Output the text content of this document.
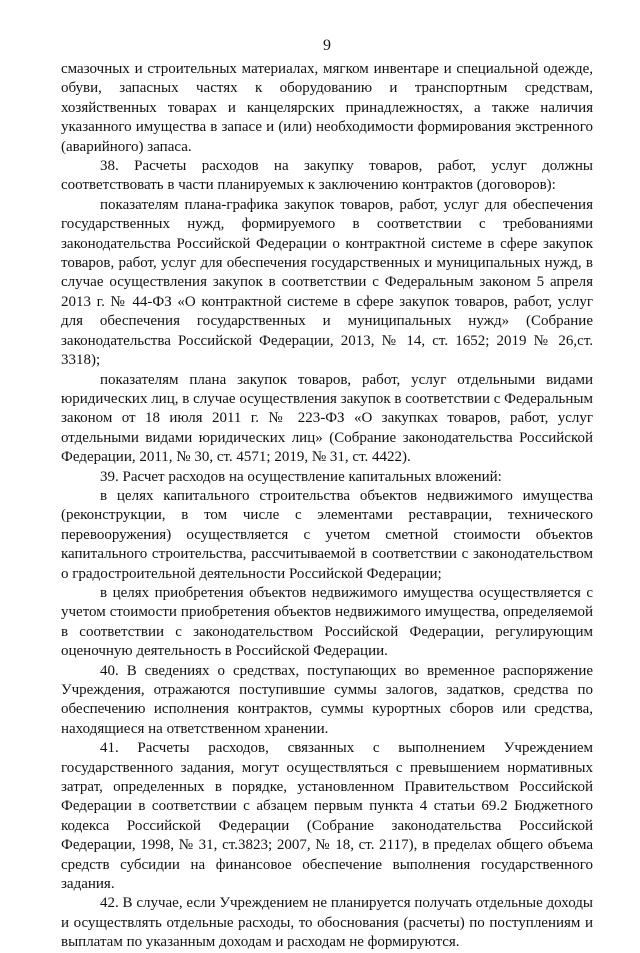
9

смазочных и строительных материалах, мягком инвентаре и специальной одежде, обуви, запасных частях к оборудованию и транспортным средствам, хозяйственных товарах и канцелярских принадлежностях, а также наличия указанного имущества в запасе и (или) необходимости формирования экстренного (аварийного) запаса.

38. Расчеты расходов на закупку товаров, работ, услуг должны соответствовать в части планируемых к заключению контрактов (договоров):

показателям плана-графика закупок товаров, работ, услуг для обеспечения государственных нужд, формируемого в соответствии с требованиями законодательства Российской Федерации о контрактной системе в сфере закупок товаров, работ, услуг для обеспечения государственных и муниципальных нужд, в случае осуществления закупок в соответствии с Федеральным законом 5 апреля 2013 г. № 44-ФЗ «О контрактной системе в сфере закупок товаров, работ, услуг для обеспечения государственных и муниципальных нужд» (Собрание законодательства Российской Федерации, 2013, № 14, ст. 1652; 2019 № 26,ст. 3318);

показателям плана закупок товаров, работ, услуг отдельными видами юридических лиц, в случае осуществления закупок в соответствии с Федеральным законом от 18 июля 2011 г. № 223-ФЗ «О закупках товаров, работ, услуг отдельными видами юридических лиц» (Собрание законодательства Российской Федерации, 2011, № 30, ст. 4571; 2019, № 31, ст. 4422).

39. Расчет расходов на осуществление капитальных вложений:

в целях капитального строительства объектов недвижимого имущества (реконструкции, в том числе с элементами реставрации, технического перевооружения) осуществляется с учетом сметной стоимости объектов капитального строительства, рассчитываемой в соответствии с законодательством о градостроительной деятельности Российской Федерации;

в целях приобретения объектов недвижимого имущества осуществляется с учетом стоимости приобретения объектов недвижимого имущества, определяемой в соответствии с законодательством Российской Федерации, регулирующим оценочную деятельность в Российской Федерации.

40. В сведениях о средствах, поступающих во временное распоряжение Учреждения, отражаются поступившие суммы залогов, задатков, средства по обеспечению исполнения контрактов, суммы курортных сборов или средства, находящиеся на ответственном хранении.

41. Расчеты расходов, связанных с выполнением Учреждением государственного задания, могут осуществляться с превышением нормативных затрат, определенных в порядке, установленном Правительством Российской Федерации в соответствии с абзацем первым пункта 4 статьи 69.2 Бюджетного кодекса Российской Федерации (Собрание законодательства Российской Федерации, 1998, № 31, ст.3823; 2007, № 18, ст. 2117), в пределах общего объема средств субсидии на финансовое обеспечение выполнения государственного задания.

42. В случае, если Учреждением не планируется получать отдельные доходы и осуществлять отдельные расходы, то обоснования (расчеты) по поступлениям и выплатам по указанным доходам и расходам не формируются.
